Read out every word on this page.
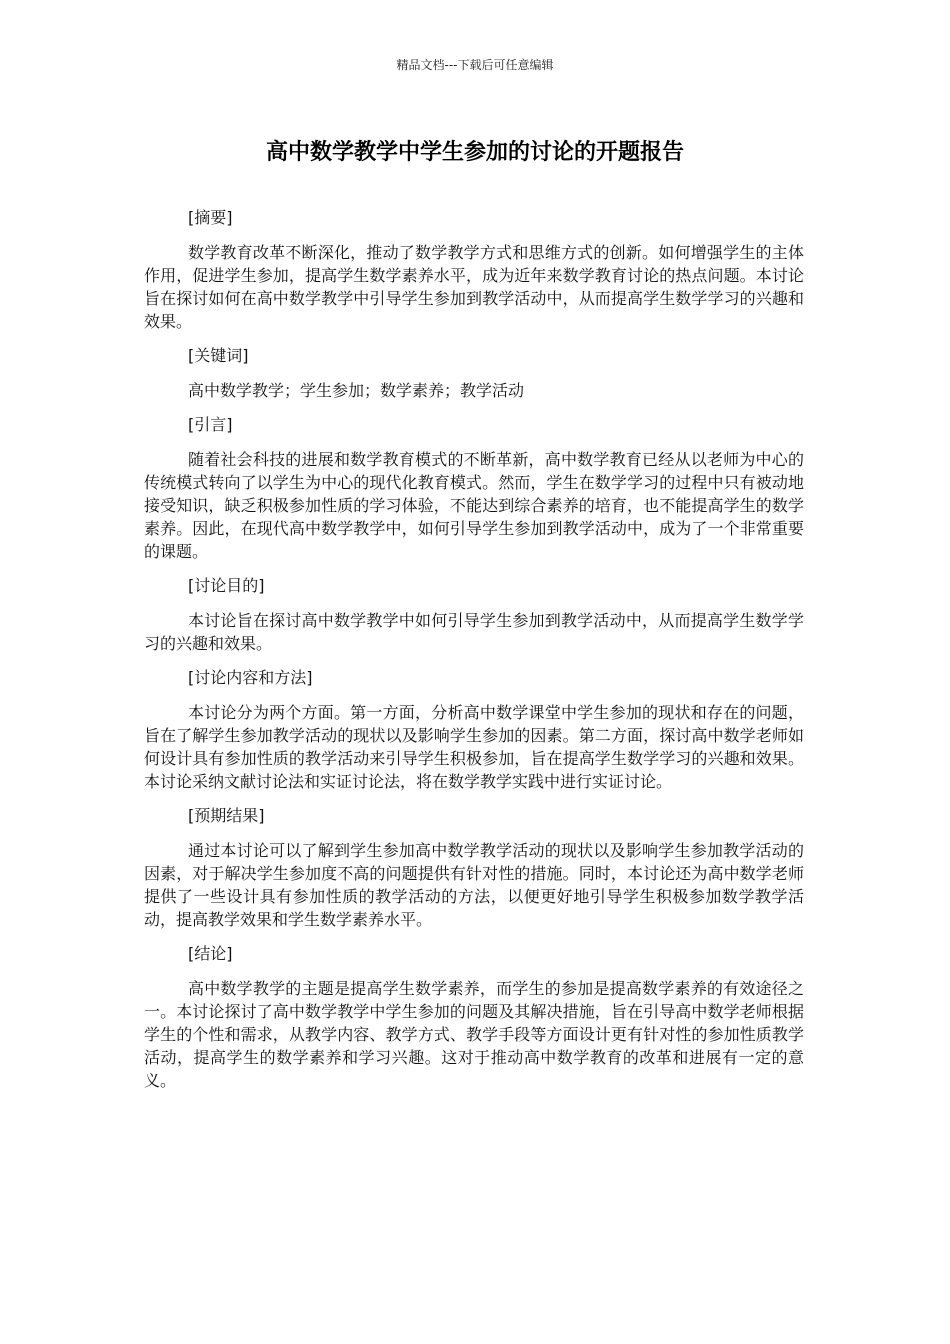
精品文档---下载后可任意编辑
高中数学教学中学生参加的讨论的开题报告

[摘要]

数学教育改革不断深化，推动了数学教学方式和思维方式的创新。如何增强学生的主体作用，促进学生参加，提高学生数学素养水平，成为近年来数学教育讨论的热点问题。本讨论旨在探讨如何在高中数学教学中引导学生参加到教学活动中，从而提高学生数学学习的兴趣和效果。

[关键词]

高中数学教学；学生参加；数学素养；教学活动

[引言]

随着社会科技的进展和数学教育模式的不断革新，高中数学教育已经从以老师为中心的传统模式转向了以学生为中心的现代化教育模式。然而，学生在数学学习的过程中只有被动地接受知识，缺乏积极参加性质的学习体验，不能达到综合素养的培育，也不能提高学生的数学素养。因此，在现代高中数学教学中，如何引导学生参加到教学活动中，成为了一个非常重要的课题。

[讨论目的]

本讨论旨在探讨高中数学教学中如何引导学生参加到教学活动中，从而提高学生数学学习的兴趣和效果。

[讨论内容和方法]

本讨论分为两个方面。第一方面，分析高中数学课堂中学生参加的现状和存在的问题，旨在了解学生参加教学活动的现状以及影响学生参加的因素。第二方面，探讨高中数学老师如何设计具有参加性质的教学活动来引导学生积极参加，旨在提高学生数学学习的兴趣和效果。本讨论采纳文献讨论法和实证讨论法，将在数学教学实践中进行实证讨论。

[预期结果]

通过本讨论可以了解到学生参加高中数学教学活动的现状以及影响学生参加教学活动的因素，对于解决学生参加度不高的问题提供有针对性的措施。同时，本讨论还为高中数学老师提供了一些设计具有参加性质的教学活动的方法，以便更好地引导学生积极参加数学教学活动，提高教学效果和学生数学素养水平。

[结论]

高中数学教学的主题是提高学生数学素养，而学生的参加是提高数学素养的有效途径之一。本讨论探讨了高中数学教学中学生参加的问题及其解决措施，旨在引导高中数学老师根据学生的个性和需求，从教学内容、教学方式、教学手段等方面设计更有针对性的参加性质教学活动，提高学生的数学素养和学习兴趣。这对于推动高中数学教育的改革和进展有一定的意义。
